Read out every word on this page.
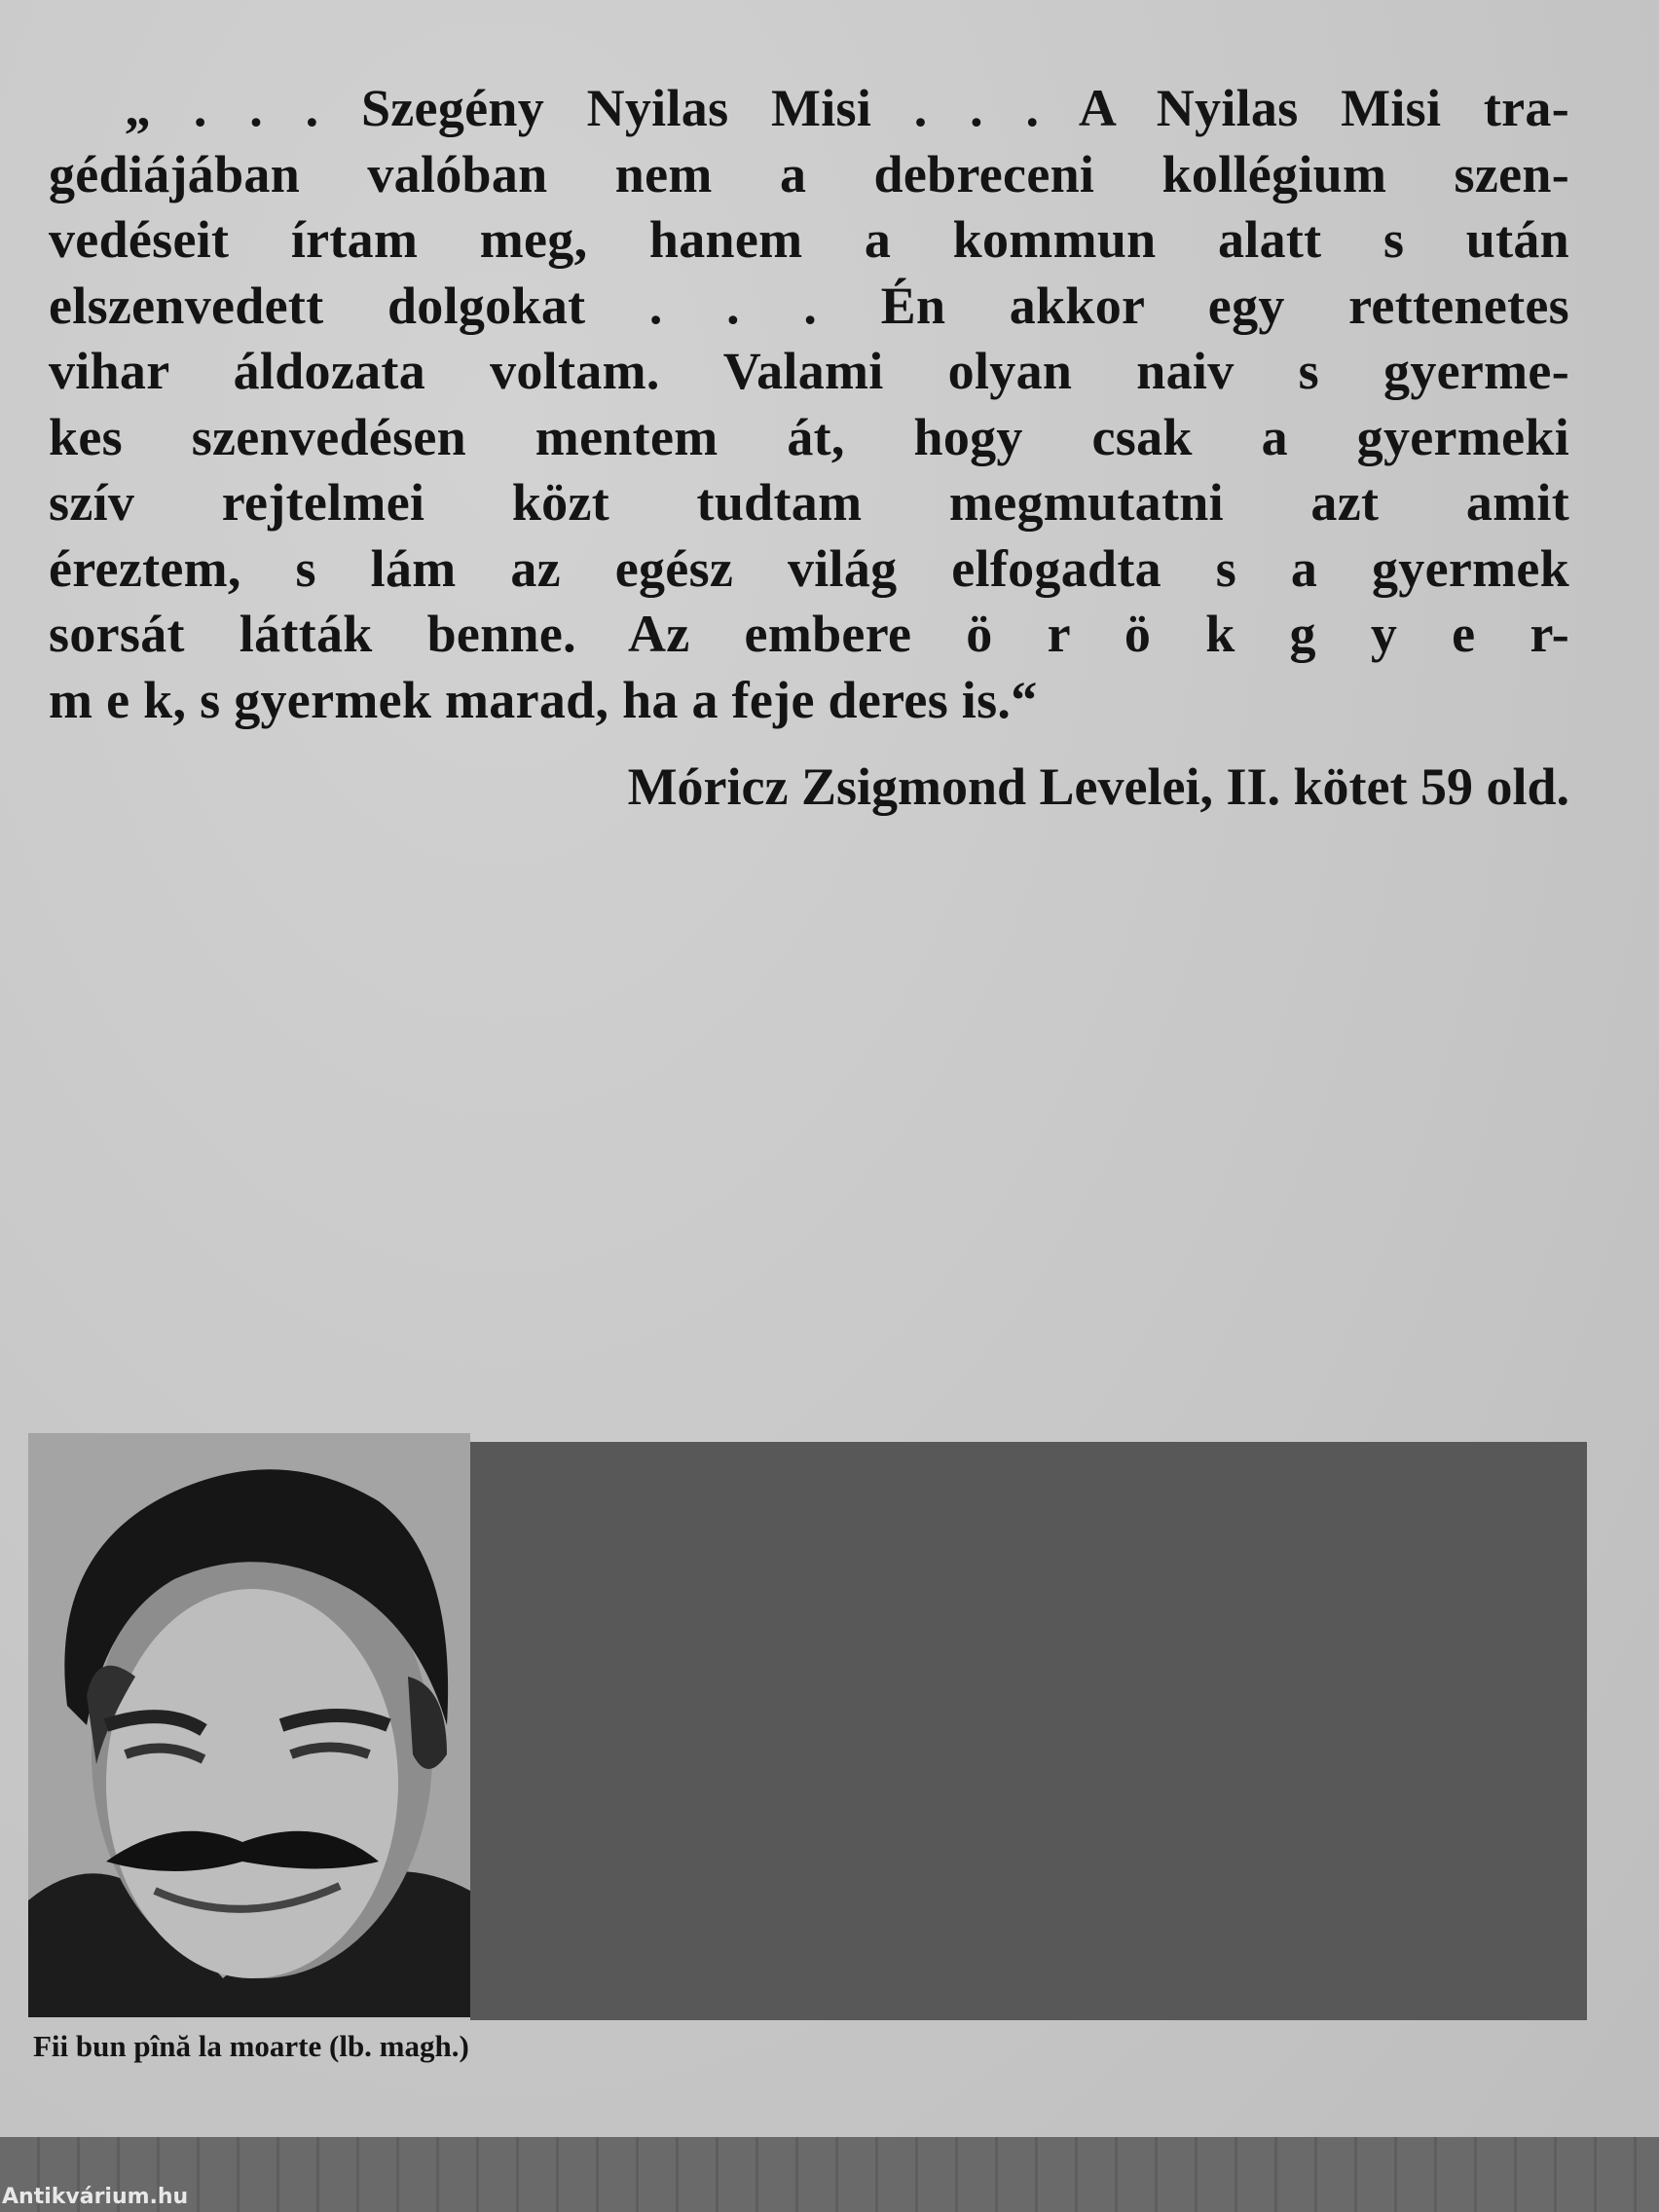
„ . . . Szegény Nyilas Misi . . . A Nyilas Misi tra-
gédiájában valóban nem a debreceni kollégium szen-
vedéseit írtam meg, hanem a kommun alatt s után
elszenvedett dolgokat . . . Én akkor egy rettenetes
vihar áldozata voltam. Valami olyan naiv s gyerme-
kes szenvedésen mentem át, hogy csak a gyermeki
szív rejtelmei közt tudtam megmutatni azt amit
éreztem, s lám az egész világ elfogadta s a gyermek
sorsát látták benne. Az embere ö r ö k g y e r-
m e k, s gyermek marad, ha a feje deres is.“
Móricz Zsigmond Levelei, II. kötet 59 old.
Fii bun pînă la moarte (lb. magh.)
Antikvárium.hu
